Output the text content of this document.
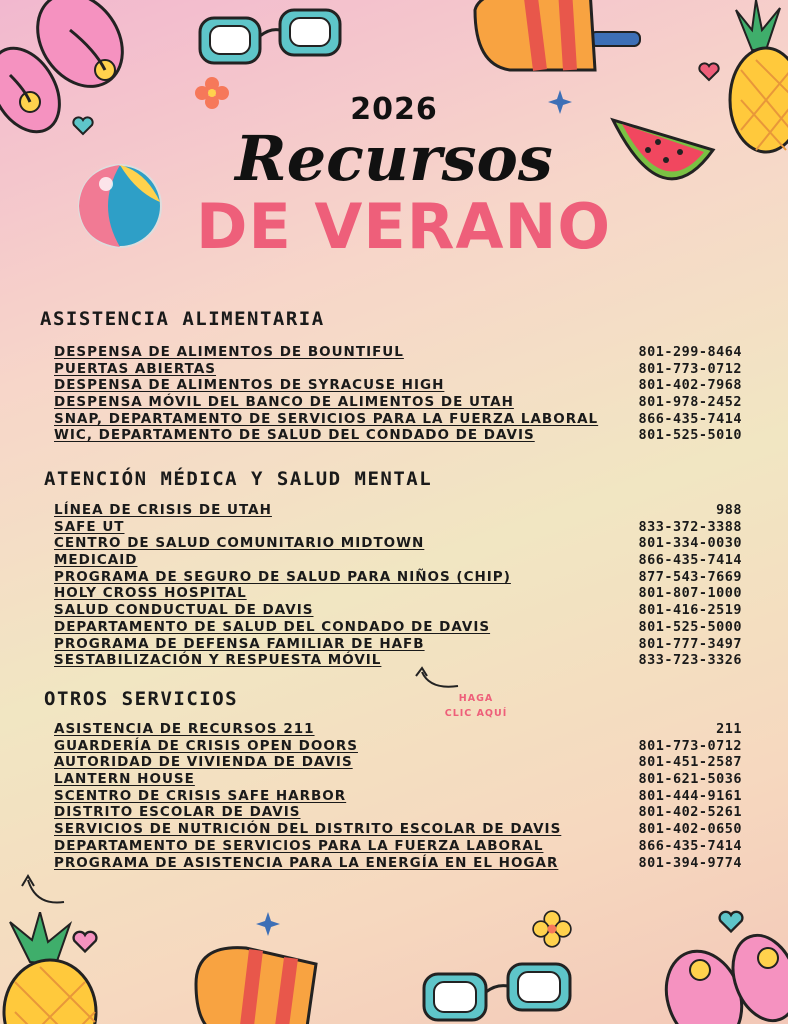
2026
Recursos
DE VERANO
ASISTENCIA ALIMENTARIA
DESPENSA DE ALIMENTOS DE BOUNTIFUL	801-299-8464
PUERTAS ABIERTAS	801-773-0712
DESPENSA DE ALIMENTOS DE SYRACUSE HIGH	801-402-7968
DESPENSA MÓVIL DEL BANCO DE ALIMENTOS DE UTAH	801-978-2452
SNAP, DEPARTAMENTO DE SERVICIOS PARA LA FUERZA LABORAL	866-435-7414
WIC, DEPARTAMENTO DE SALUD DEL CONDADO DE DAVIS	801-525-5010
ATENCIÓN MÉDICA Y SALUD MENTAL
LÍNEA DE CRISIS DE UTAH	988
SAFE UT	833-372-3388
CENTRO DE SALUD COMUNITARIO MIDTOWN	801-334-0030
MEDICAID	866-435-7414
PROGRAMA DE SEGURO DE SALUD PARA NIÑOS (CHIP)	877-543-7669
HOLY CROSS HOSPITAL	801-807-1000
SALUD CONDUCTUAL DE DAVIS	801-416-2519
DEPARTAMENTO DE SALUD DEL CONDADO DE DAVIS	801-525-5000
PROGRAMA DE DEFENSA FAMILIAR DE HAFB	801-777-3497
SESTABILIZACIÓN Y RESPUESTA MÓVIL	833-723-3326
HAGA
CLIC AQUÍ
OTROS SERVICIOS
ASISTENCIA DE RECURSOS 211	211
GUARDERÍA DE CRISIS OPEN DOORS	801-773-0712
AUTORIDAD DE VIVIENDA DE DAVIS	801-451-2587
LANTERN HOUSE	801-621-5036
SCENTRO DE CRISIS SAFE HARBOR	801-444-9161
DISTRITO ESCOLAR DE DAVIS	801-402-5261
SERVICIOS DE NUTRICIÓN DEL DISTRITO ESCOLAR DE DAVIS	801-402-0650
DEPARTAMENTO DE SERVICIOS PARA LA FUERZA LABORAL	866-435-7414
PROGRAMA DE ASISTENCIA PARA LA ENERGÍA EN EL HOGAR	801-394-9774
